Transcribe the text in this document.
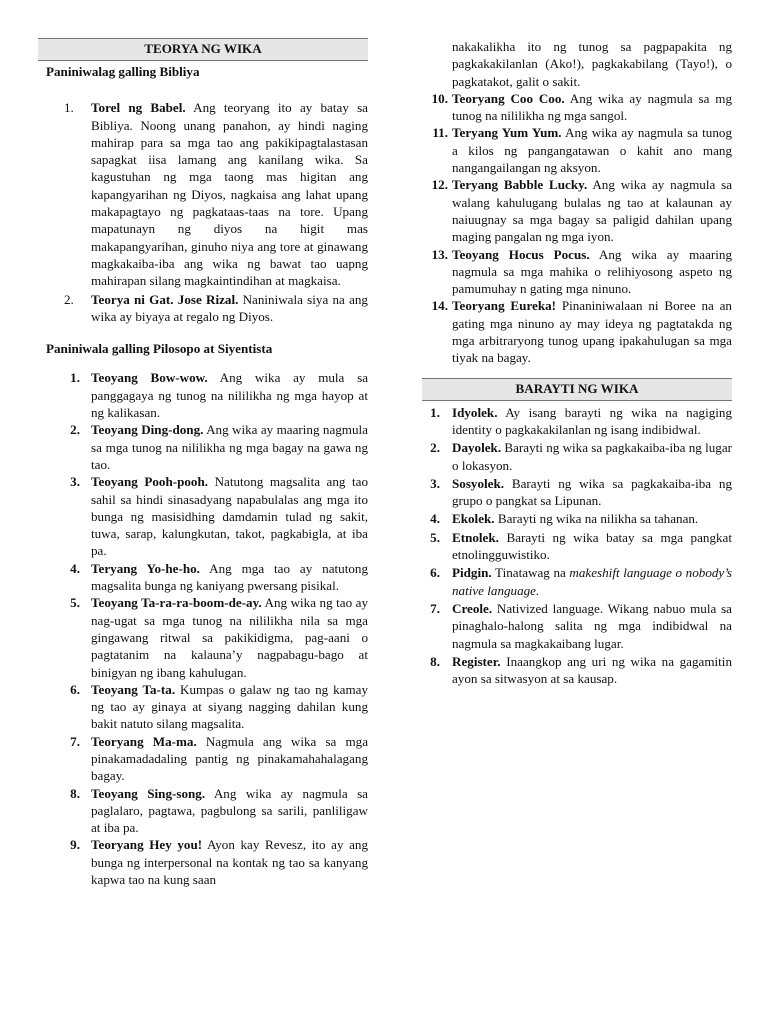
TEORYA NG WIKA
Paniniwalag galling Bibliya
1.	Torel ng Babel. Ang teoryang ito ay batay sa Bibliya. Noong unang panahon, ay hindi naging mahirap para sa mga tao ang pakikipagtalastasan sapagkat iisa lamang ang kanilang wika. Sa kagustuhan ng mga taong mas higitan ang kapangyarihan ng Diyos, nagkaisa ang lahat upang makapagtayo ng pagkataas-taas na tore. Upang mapatunayn ng diyos na higit mas makapangyarihan, ginuho niya ang tore at ginawang magkakaiba-iba ang wika ng bawat tao uapng mahirapan silang magkaintindihan at magkaisa.
2.	Teorya ni Gat. Jose Rizal. Naniniwala siya na ang wika ay biyaya at regalo ng Diyos.
Paniniwala galling Pilosopo at Siyentista
1. Teoyang Bow-wow. Ang wika ay mula sa panggagaya ng tunog na nililikha ng mga hayop at ng kalikasan.
2. Teoyang Ding-dong. Ang wika ay maaring nagmula sa mga tunog na nililikha ng mga bagay na gawa ng tao.
3. Teoyang Pooh-pooh. Natutong magsalita ang tao sahil sa hindi sinasadyang napabulalas ang mga ito bunga ng masisidhing damdamin tulad ng sakit, tuwa, sarap, kalungkutan, takot, pagkabigla, at iba pa.
4. Teryang Yo-he-ho. Ang mga tao ay natutong magsalita bunga ng kaniyang pwersang pisikal.
5. Teoyang Ta-ra-ra-boom-de-ay. Ang wika ng tao ay nag-ugat sa mga tunog na nililikha nila sa mga gingawang ritwal sa pakikidigma, pag-aani o pagtatanim na kalauna’y nagpabagu-bago at binigyan ng ibang kahulugan.
6. Teoyang Ta-ta. Kumpas o galaw ng tao ng kamay ng tao ay ginaya at siyang nagging dahilan kung bakit natuto silang magsalita.
7. Teoryang Ma-ma. Nagmula ang wika sa mga pinakamadadaling pantig ng pinakamahahalagang bagay.
8. Teoyang Sing-song. Ang wika ay nagmula sa paglalaro, pagtawa, pagbulong sa sarili, panliligaw at iba pa.
9. Teoryang Hey you! Ayon kay Revesz, ito ay ang bunga ng interpersonal na kontak ng tao sa kanyang kapwa tao na kung saan
nakakalikha ito ng tunog sa pagpapakita ng pagkakakilanlan (Ako!), pagkakabilang (Tayo!), o pagkatakot, galit o sakit.
10. Teoryang Coo Coo. Ang wika ay nagmula sa mg tunog na nililikha ng mga sangol.
11. Teryang Yum Yum. Ang wika ay nagmula sa tunog a kilos ng pangangatawan o kahit ano mang nangangailangan ng aksyon.
12. Teryang Babble Lucky. Ang wika ay nagmula sa walang kahulugang bulalas ng tao at kalaunan ay naiuugnay sa mga bagay sa paligid dahilan upang maging pangalan ng mga iyon.
13. Teoyang Hocus Pocus. Ang wika ay maaring nagmula sa mga mahika o relihiyosong aspeto ng pamumuhay n gating mga ninuno.
14. Teoryang Eureka! Pinaniniwalaan ni Boree na an gating mga ninuno ay may ideya ng pagtatakda ng mga arbitraryong tunog upang ipakahulugan sa mga tiyak na bagay.
BARAYTI NG WIKA
1. Idyolek. Ay isang barayti ng wika na nagiging identity o pagkakakilanlan ng isang indibidwal.
2. Dayolek. Barayti ng wika sa pagkakaiba-iba ng lugar o lokasyon.
3. Sosyolek. Barayti ng wika sa pagkakaiba-iba ng grupo o pangkat sa Lipunan.
4. Ekolek. Barayti ng wika na nilikha sa tahanan.
5. Etnolek. Barayti ng wika batay sa mga pangkat etnolingguwistiko.
6. Pidgin. Tinatawag na makeshift language o nobody’s native language.
7. Creole. Nativized language. Wikang nabuo mula sa pinaghalo-halong salita ng mga indibidwal na nagmula sa magkakaibang lugar.
8. Register. Inaangkop ang uri ng wika na gagamitin ayon sa sitwasyon at sa kausap.
